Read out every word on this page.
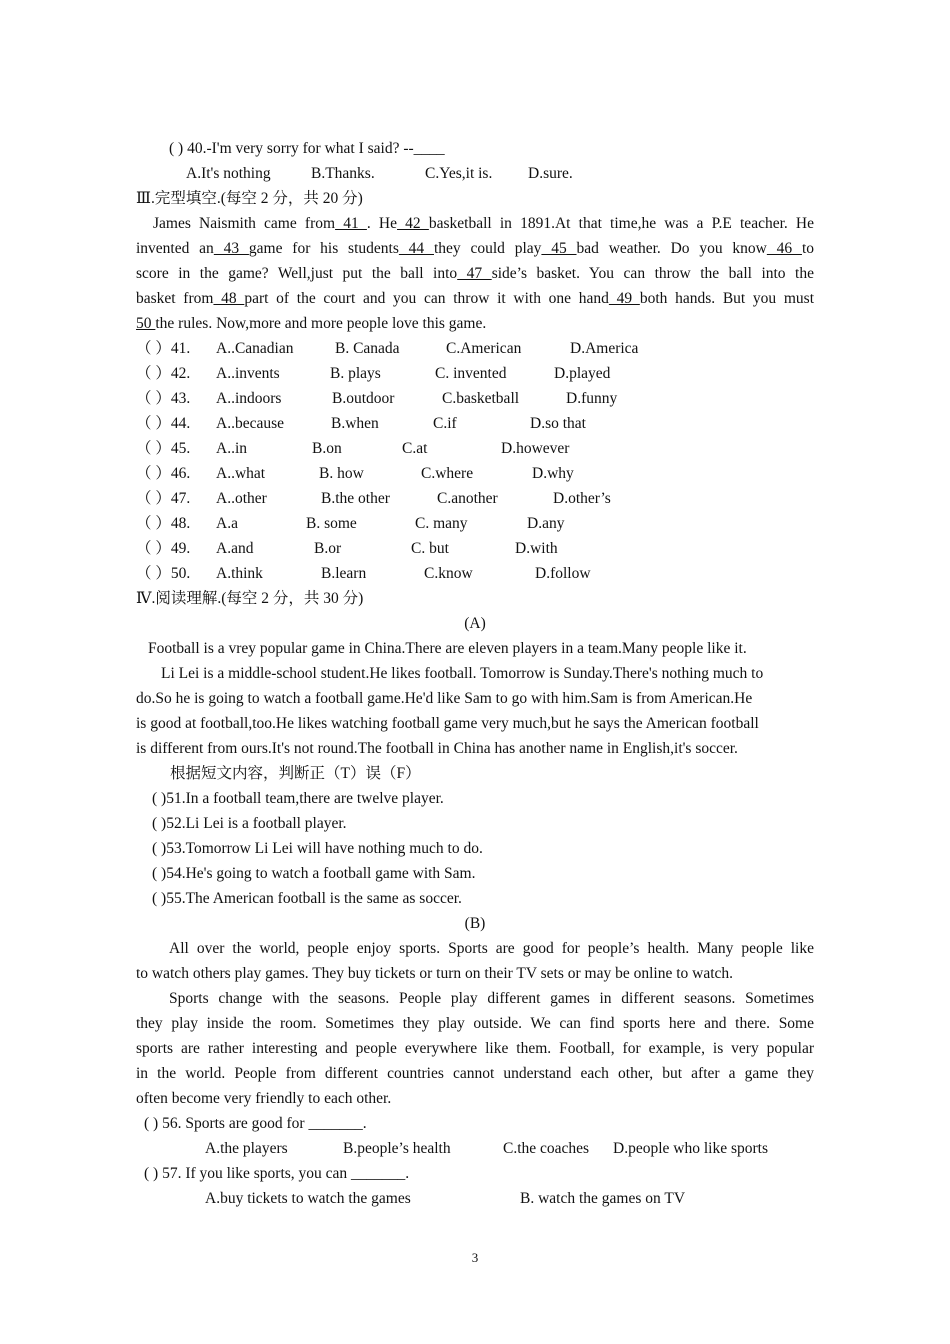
( ) 40.-I'm very sorry for what I said? --____
A.It's nothing	B.Thanks.	C.Yes,it is. D.sure.
Ⅲ.完型填空.(每空 2 分，共 20 分)
James Naismith came from 41 . He 42 basketball in 1891.At that time,he was a P.E teacher. He
invented an 43 game for his students 44 they could play 45 bad weather. Do you know 46 to
score in the game? Well,just put the ball into 47 side’s basket. You can throw the ball into the
basket from 48 part of the court and you can throw it with one hand 49 both hands. But you must
50 the rules. Now,more and more people love this game.
（ ）41. A..Canadian	B. Canada	C.American	D.America
（ ）42. A..invents	B. plays	C. invented	D.played
（ ）43. A..indoors	B.outdoor	C.basketball	D.funny
（ ）44. A..because	B.when	C.if	D.so that
（ ）45. A..in	B.on	C.at	D.however
（ ）46. A..what	B. how	C.where	D.why
（ ）47. A..other	B.the other	C.another	D.other’s
（ ）48. A.a	B. some	C. many	D.any
（ ）49. A.and	B.or	C. but	D.with
（ ）50. A.think	B.learn	C.know	D.follow
Ⅳ.阅读理解.(每空 2 分，共 30 分)
(A)
Football is a vrey popular game in China.There are eleven players in a team.Many people like it.
Li Lei is a middle-school student.He likes football. Tomorrow is Sunday.There's nothing much to
do.So he is going to watch a football game.He'd like Sam to go with him.Sam is from American.He
is good at football,too.He likes watching football game very much,but he says the American football
is different from ours.It's not round.The football in China has another name in English,it's soccer.
根据短文内容，判断正（T）误（F）
( )51.In a football team,there are twelve player.
( )52.Li Lei is a football player.
( )53.Tomorrow Li Lei will have nothing much to do.
( )54.He's going to watch a football game with Sam.
( )55.The American football is the same as soccer.
(B)
All over the world, people enjoy sports. Sports are good for people’s health. Many people like
to watch others play games. They buy tickets or turn on their TV sets or may be online to watch.
Sports change with the seasons. People play different games in different seasons. Sometimes
they play inside the room. Sometimes they play outside. We can find sports here and there. Some
sports are rather interesting and people everywhere like them. Football, for example, is very popular
in the world. People from different countries cannot understand each other, but after a game they
often become very friendly to each other.
( ) 56. Sports are good for _______.
A.the players	B.people’s health	C.the coaches D.people who like sports
( ) 57. If you like sports, you can _______.
A.buy tickets to watch the games	B. watch the games on TV
3
